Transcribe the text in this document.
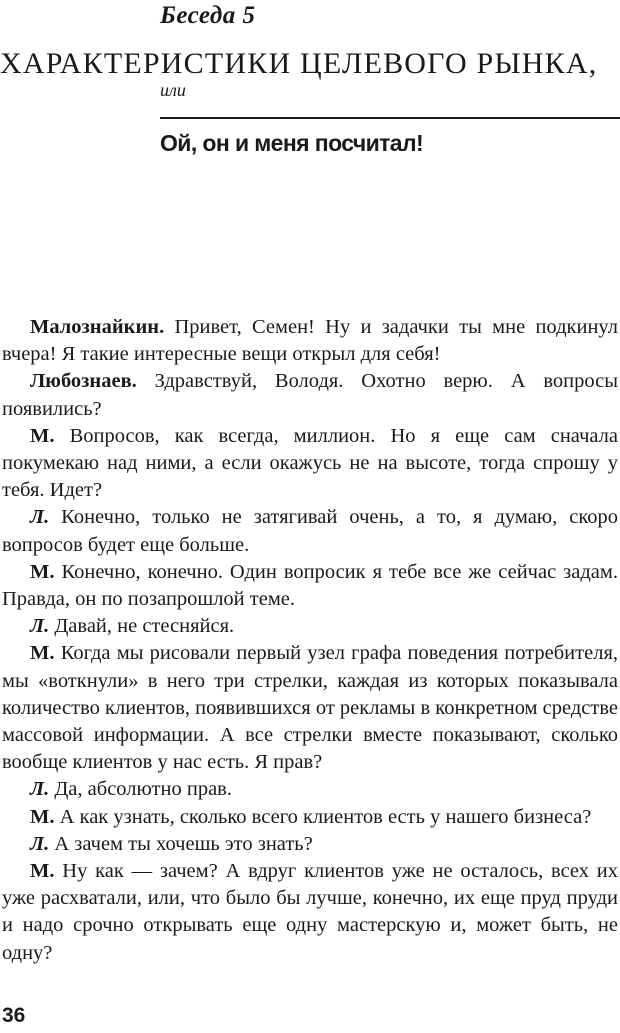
Беседа 5
ХАРАКТЕРИСТИКИ ЦЕЛЕВОГО РЫНКА,
или
Ой, он и меня посчитал!

Малознайкин. Привет, Семен! Ну и задачки ты мне подкинул вчера! Я такие интересные вещи открыл для себя!

Любознаев. Здравствуй, Володя. Охотно верю. А вопросы появились?

М. Вопросов, как всегда, миллион. Но я еще сам сначала покумекаю над ними, а если окажусь не на высоте, тогда спрошу у тебя. Идет?

Л. Конечно, только не затягивай очень, а то, я думаю, скоро вопросов будет еще больше.

М. Конечно, конечно. Один вопросик я тебе все же сейчас задам. Правда, он по позапрошлой теме.

Л. Давай, не стесняйся.

М. Когда мы рисовали первый узел графа поведения потребителя, мы «воткнули» в него три стрелки, каждая из которых показывала количество клиентов, появившихся от рекламы в конкретном средстве массовой информации. А все стрелки вместе показывают, сколько вообще клиентов у нас есть. Я прав?

Л. Да, абсолютно прав.

М. А как узнать, сколько всего клиентов есть у нашего бизнеса?

Л. А зачем ты хочешь это знать?

М. Ну как — зачем? А вдруг клиентов уже не осталось, всех их уже расхватали, или, что было бы лучше, конечно, их еще пруд пруди и надо срочно открывать еще одну мастерскую и, может быть, не одну?

36
